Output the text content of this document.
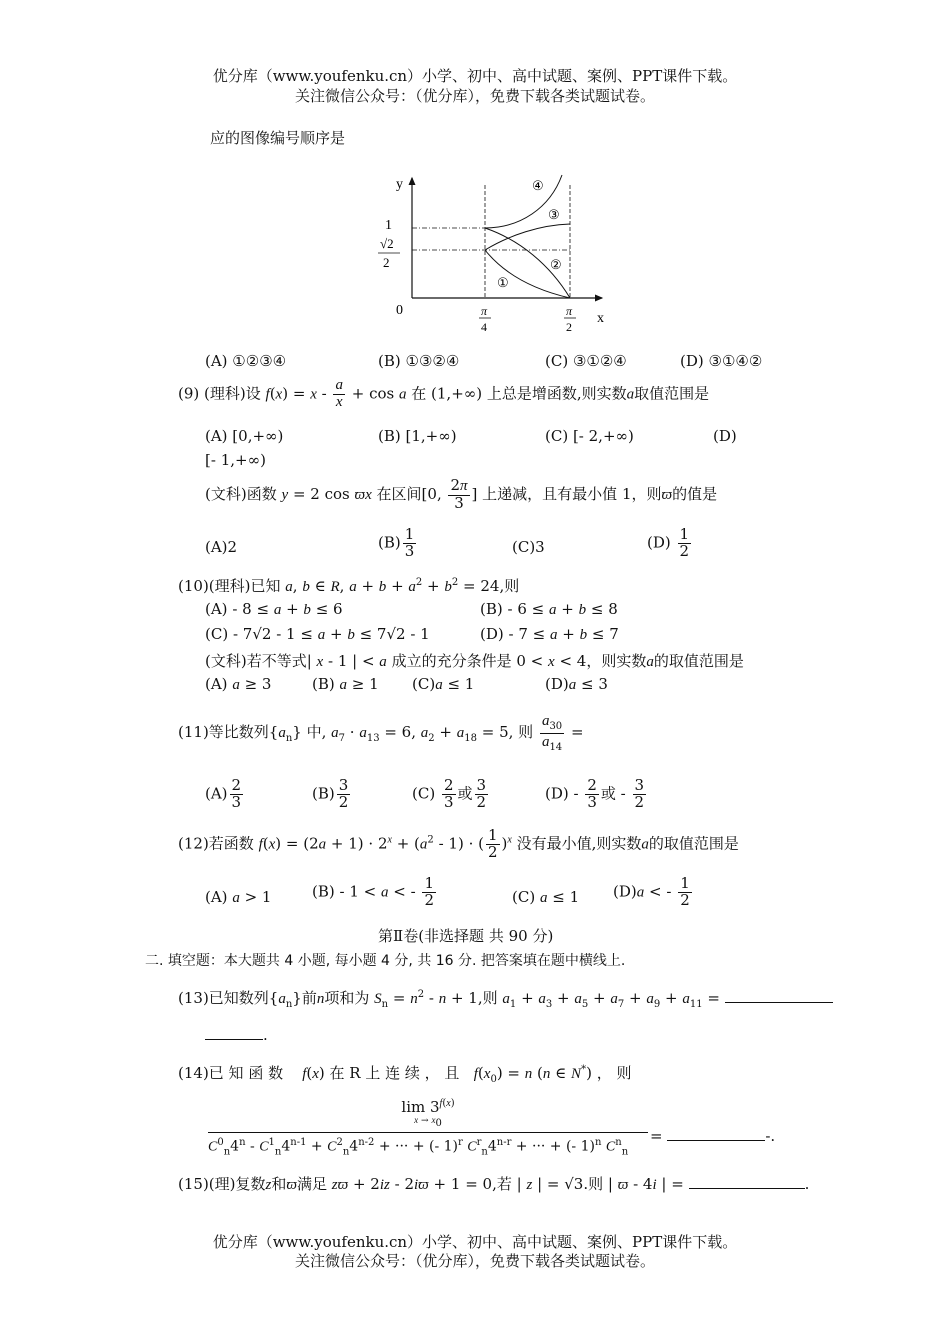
优分库（www.youfenku.cn）小学、初中、高中试题、案例、PPT课件下载。
关注微信公众号：（优分库），免费下载各类试题试卷。
应的图像编号顺序是
y
x
0
1
√2
2
π
4
π
2
①
②
③
④
(A) ①②③④	(B) ①③②④	(C) ③①②④	(D) ③①④②
(9) (理科)设 $f(x) = x - \frac{a}{x} + \cos a$ 在 (1,+∞) 上总是增函数,则实数a取值范围是
(A) [0,+∞)	(B) [1,+∞)	(C) [- 2,+∞)	(D)
[- 1,+∞)
(文科)函数 y = 2 cos ϖx 在区间[0, $\frac{2\pi}{3}$ ] 上递减，且有最小值 1，则ϖ的值是
(A)2	$(B) \frac{1}{3}$	(C)3	$(D) \frac{1}{2}$
(10)(理科)已知 a, b ∈ R, $a + b + a^2 + b^2 = 24$,则
(A) - 8 ≤ a + b ≤ 6	(B) - 6 ≤ a + b ≤ 8
(C) - 7√2 - 1 ≤ a + b ≤ 7√2 - 1	(D) - 7 ≤ a + b ≤ 7
(文科)若不等式| x - 1 | < a 成立的充分条件是 0 < x < 4，则实数a的取值范围是
(A) a ≥ 3	(B) a ≥ 1 (C)a ≤ 1	(D)a ≤ 3
(11)等比数列$\{a_n\}$ 中, $a_7 \cdot a_{13} = 6$, $a_2 + a_{18} = 5$, 则 $\frac{a_{30}}{a_{14}}$ =
$(A) \frac{2}{3}$	$(B) \frac{3}{2}$	$(C) \frac{2}{3}$ 或 $\frac{3}{2}$	$(D) - \frac{2}{3}$ 或 - $\frac{3}{2}$
(12)若函数 $f(x) = (2a + 1) \cdot 2^x + (a^2 - 1)$ · ( $\frac{1}{2} )^x$ 没有最小值,则实数a的取值范围是
(A) a > 1	(B) - 1 < a < - $\frac{1}{2}$	(C) a ≤ 1 (D)a < - $\frac{1}{2}$
第Ⅱ卷(非选择题 共 90 分)
二. 填空题：本大题共 4 小题, 每小题 4 分, 共 16 分. 把答案填在题中横线上.
(13)已知数列$\{a_n\}$前n项和为 $S_n = n^2 - n + 1$,则 $a_1 + a_3 + a_5 + a_7 + a_9 + a_{11}$ =
.
(14)已 知 函 数 f(x) 在 R 上 连 续 ， 且 $f(x_0) = n$ (n ∈ N*) ， 则
$\lim 3^{f(x)}$
$x \to x_0$
$C^0_n4^n - C^1_n4^{n-1} + C^2_n4^{n-2}$ + ··· + (- 1)$^r$ $C^r_n4^{n-r}$ + ··· + (- 1)$^n$ $C^n_n$
=	-.
(15)(理)复数z和ϖ满足 zϖ + 2iz - 2iϖ + 1 = 0,若 | z | = √3.则 | ϖ - 4i | =	.
优分库（www.youfenku.cn）小学、初中、高中试题、案例、PPT课件下载。
关注微信公众号：（优分库），免费下载各类试题试卷。
